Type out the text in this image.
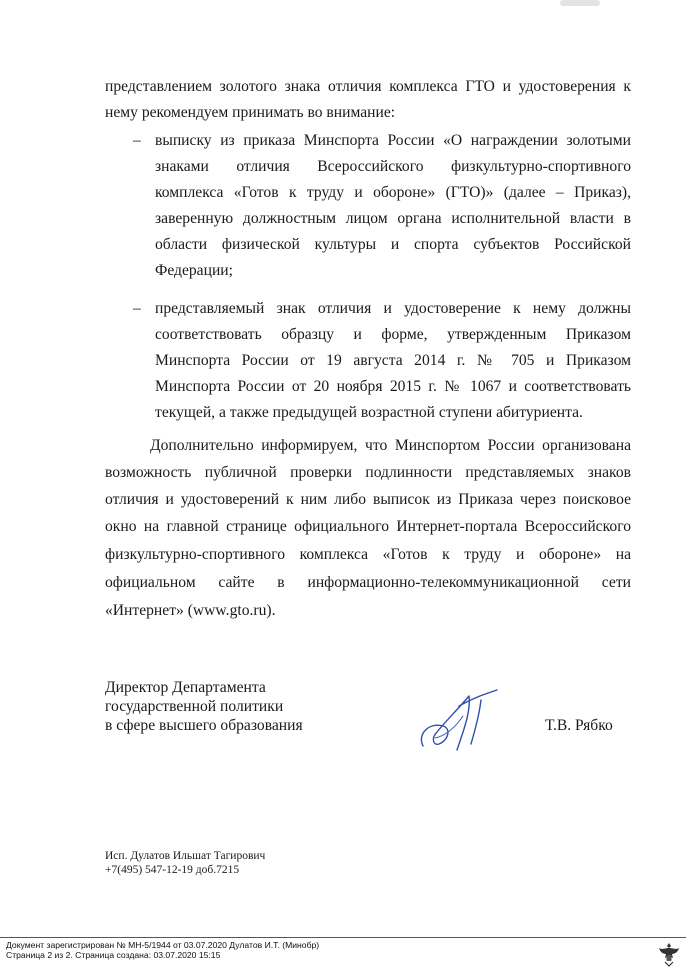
представлением золотого знака отличия комплекса ГТО и удостоверения к
нему рекомендуем принимать во внимание:
– выписку из приказа Минспорта России «О награждении золотыми
знаками отличия Всероссийского физкультурно-спортивного
комплекса «Готов к труду и обороне» (ГТО)» (далее – Приказ),
заверенную должностным лицом органа исполнительной власти в
области физической культуры и спорта субъектов Российской
Федерации;
– представляемый знак отличия и удостоверение к нему должны
соответствовать образцу и форме, утвержденным Приказом
Минспорта России от 19 августа 2014 г. № 705 и Приказом
Минспорта России от 20 ноября 2015 г. № 1067 и соответствовать
текущей, а также предыдущей возрастной ступени абитуриента.
Дополнительно информируем, что Минспортом России организована
возможность публичной проверки подлинности представляемых знаков
отличия и удостоверений к ним либо выписок из Приказа через поисковое
окно на главной странице официального Интернет-портала Всероссийского
физкультурно-спортивного комплекса «Готов к труду и обороне» на
официальном сайте в информационно-телекоммуникационной сети
«Интернет» (www.gto.ru).
Директор Департамента
государственной политики
в сфере высшего образования	Т.В. Рябко
Исп. Дулатов Ильшат Тагирович
+7(495) 547-12-19 доб.7215
Документ зарегистрирован № МН-5/1944 от 03.07.2020 Дулатов И.Т. (Минобр)
Страница 2 из 2. Страница создана: 03.07.2020 15:15
